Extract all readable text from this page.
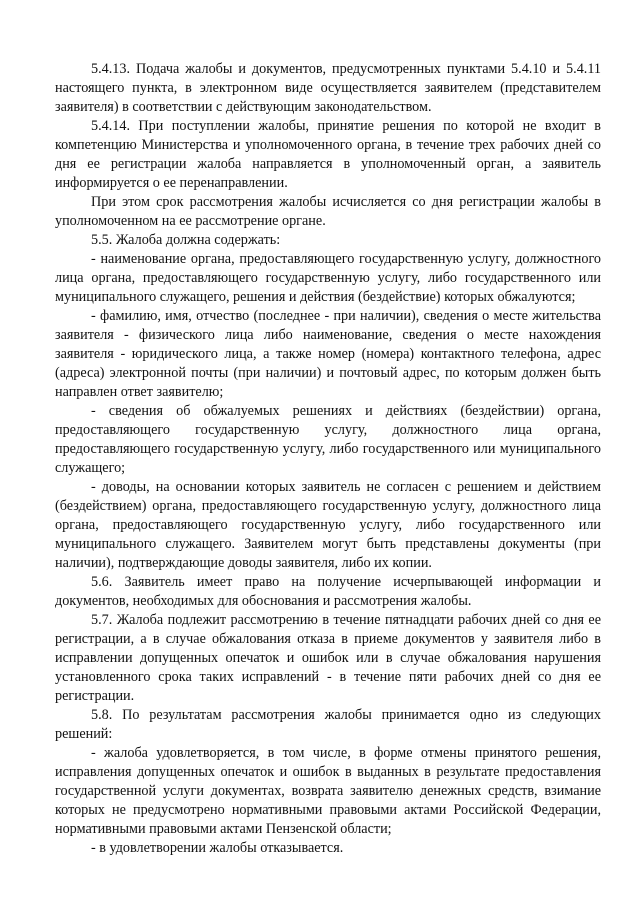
5.4.13. Подача жалобы и документов, предусмотренных пунктами 5.4.10 и 5.4.11 настоящего пункта, в электронном виде осуществляется заявителем (представителем заявителя) в соответствии с действующим законодательством.

5.4.14. При поступлении жалобы, принятие решения по которой не входит в компетенцию Министерства и уполномоченного органа, в течение трех рабочих дней со дня ее регистрации жалоба направляется в уполномоченный орган, а заявитель информируется о ее перенаправлении.

При этом срок рассмотрения жалобы исчисляется со дня регистрации жалобы в уполномоченном на ее рассмотрение органе.

5.5. Жалоба должна содержать:

- наименование органа, предоставляющего государственную услугу, должностного лица органа, предоставляющего государственную услугу, либо государственного или муниципального служащего, решения и действия (бездействие) которых обжалуются;

- фамилию, имя, отчество (последнее - при наличии), сведения о месте жительства заявителя - физического лица либо наименование, сведения о месте нахождения заявителя - юридического лица, а также номер (номера) контактного телефона, адрес (адреса) электронной почты (при наличии) и почтовый адрес, по которым должен быть направлен ответ заявителю;

- сведения об обжалуемых решениях и действиях (бездействии) органа, предоставляющего государственную услугу, должностного лица органа, предоставляющего государственную услугу, либо государственного или муниципального служащего;

- доводы, на основании которых заявитель не согласен с решением и действием (бездействием) органа, предоставляющего государственную услугу, должностного лица органа, предоставляющего государственную услугу, либо государственного или муниципального служащего. Заявителем могут быть представлены документы (при наличии), подтверждающие доводы заявителя, либо их копии.

5.6. Заявитель имеет право на получение исчерпывающей информации и документов, необходимых для обоснования и рассмотрения жалобы.

5.7. Жалоба подлежит рассмотрению в течение пятнадцати рабочих дней со дня ее регистрации, а в случае обжалования отказа в приеме документов у заявителя либо в исправлении допущенных опечаток и ошибок или в случае обжалования нарушения установленного срока таких исправлений - в течение пяти рабочих дней со дня ее регистрации.

5.8. По результатам рассмотрения жалобы принимается одно из следующих решений:

- жалоба удовлетворяется, в том числе, в форме отмены принятого решения, исправления допущенных опечаток и ошибок в выданных в результате предоставления государственной услуги документах, возврата заявителю денежных средств, взимание которых не предусмотрено нормативными правовыми актами Российской Федерации, нормативными правовыми актами Пензенской области;

- в удовлетворении жалобы отказывается.
